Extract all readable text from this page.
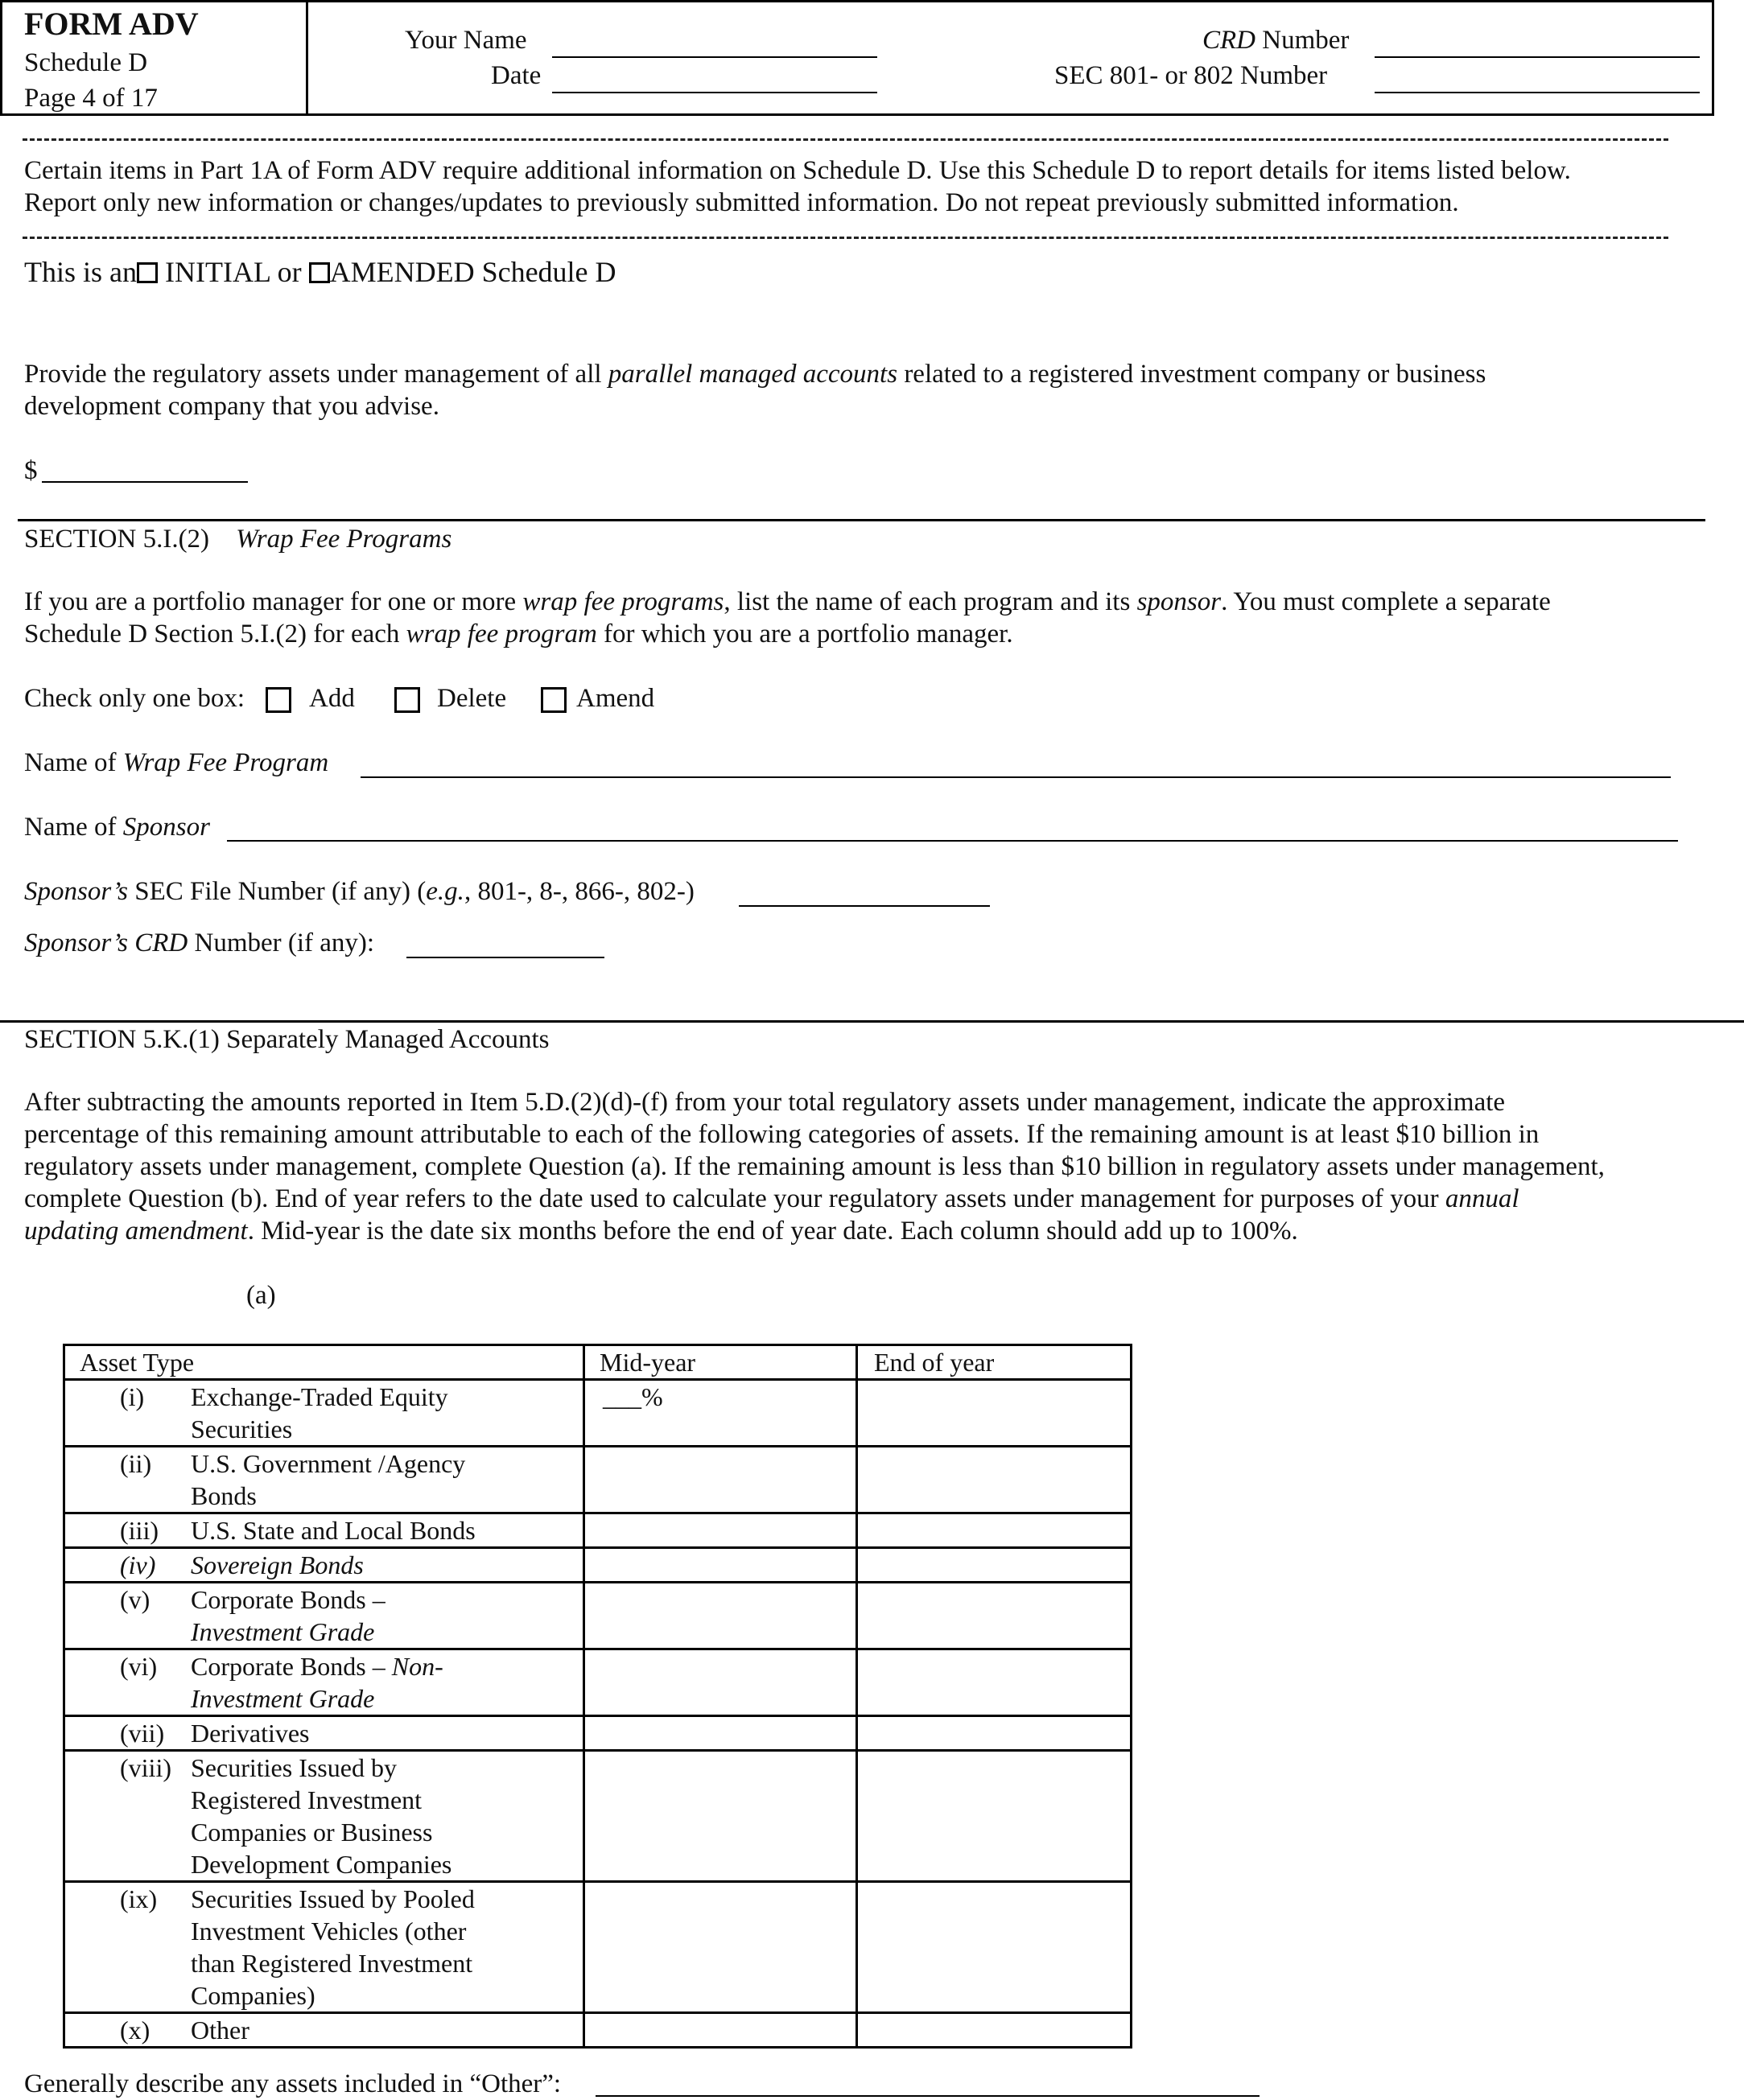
FORM ADV
Schedule D
Page 4 of 17
Your Name
Date
CRD Number
SEC 801- or 802 Number
Certain items in Part 1A of Form ADV require additional information on Schedule D. Use this Schedule D to report details for items listed below.
Report only new information or changes/updates to previously submitted information. Do not repeat previously submitted information.
This is an INITIAL or AMENDED Schedule D
Provide the regulatory assets under management of all parallel managed accounts related to a registered investment company or business
development company that you advise.
$
SECTION 5.I.(2) Wrap Fee Programs
If you are a portfolio manager for one or more wrap fee programs, list the name of each program and its sponsor. You must complete a separate
Schedule D Section 5.I.(2) for each wrap fee program for which you are a portfolio manager.
Check only one box: Add	Delete	Amend
Name of Wrap Fee Program
Name of Sponsor
Sponsor’s SEC File Number (if any) (e.g., 801-, 8-, 866-, 802-)
Sponsor’s CRD Number (if any):
SECTION 5.K.(1) Separately Managed Accounts
After subtracting the amounts reported in Item 5.D.(2)(d)-(f) from your total regulatory assets under management, indicate the approximate
percentage of this remaining amount attributable to each of the following categories of assets. If the remaining amount is at least $10 billion in
regulatory assets under management, complete Question (a). If the remaining amount is less than $10 billion in regulatory assets under management,
complete Question (b). End of year refers to the date used to calculate your regulatory assets under management for purposes of your annual
updating amendment. Mid-year is the date six months before the end of year date. Each column should add up to 100%.
(a)
Asset Type	Mid-year	End of year

(i) Exchange-Traded Equity
Securities	___%	

(ii) U.S. Government /Agency
Bonds		

(iii) U.S. State and Local Bonds		

(iv) Sovereign Bonds		

(v) Corporate Bonds –
Investment Grade		

(vi) Corporate Bonds – Non-
Investment Grade		

(vii) Derivatives		

(viii) Securities Issued by
Registered Investment
Companies or Business
Development Companies		

(ix) Securities Issued by Pooled
Investment Vehicles (other
than Registered Investment
Companies)		

(x) Other		

Generally describe any assets included in “Other”:
